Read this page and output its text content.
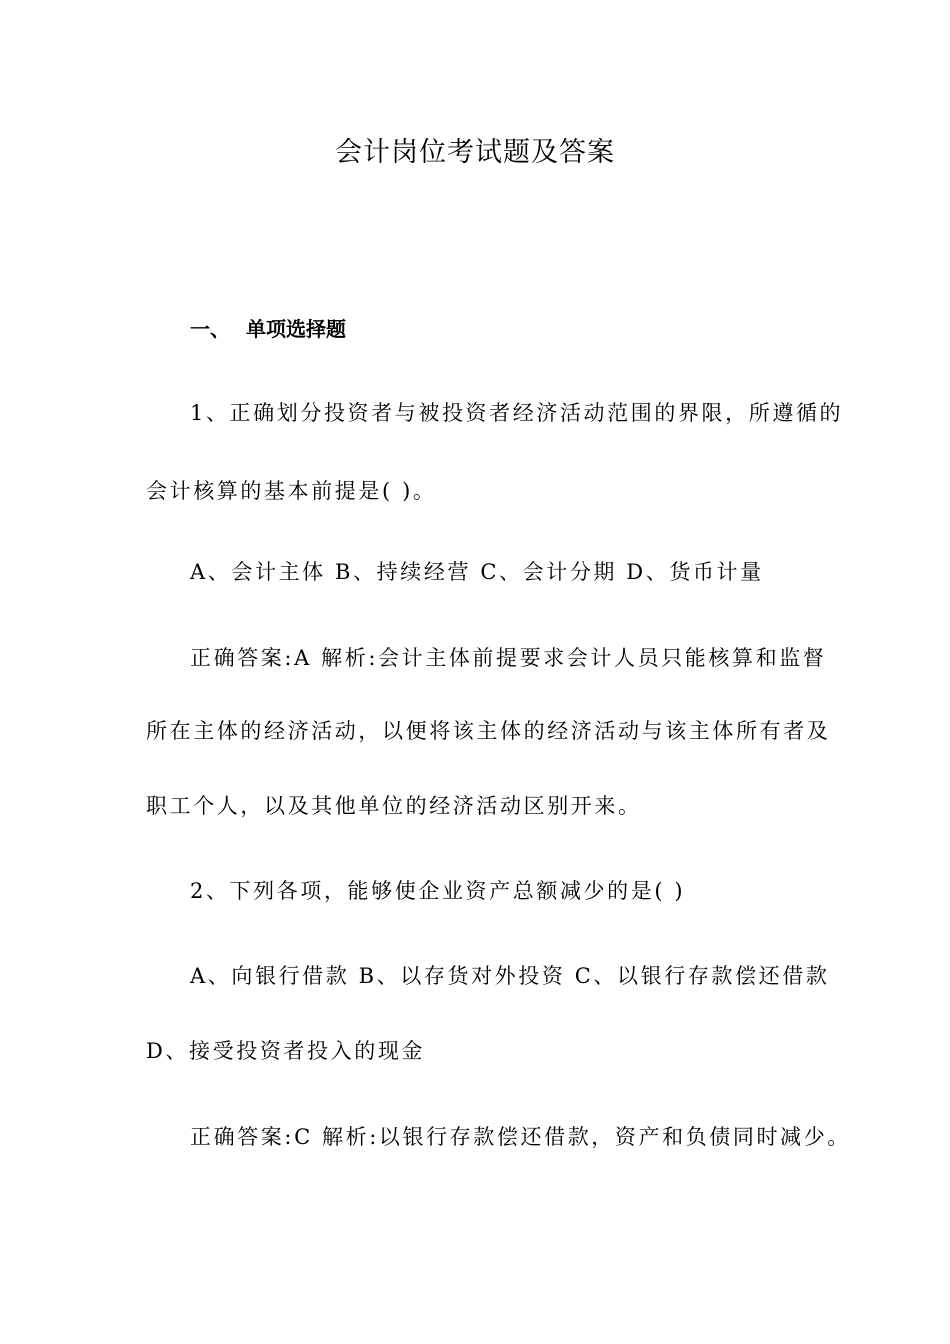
会计岗位考试题及答案
一、 单项选择题
1、正确划分投资者与被投资者经济活动范围的界限，所遵循的
会计核算的基本前提是( )。
A、会计主体 B、持续经营 C、会计分期 D、货币计量
正确答案:A 解析:会计主体前提要求会计人员只能核算和监督
所在主体的经济活动，以便将该主体的经济活动与该主体所有者及
职工个人，以及其他单位的经济活动区别开来。
2、下列各项，能够使企业资产总额减少的是( )
A、向银行借款 B、以存货对外投资 C、以银行存款偿还借款
D、接受投资者投入的现金
正确答案:C 解析:以银行存款偿还借款，资产和负债同时减少。
